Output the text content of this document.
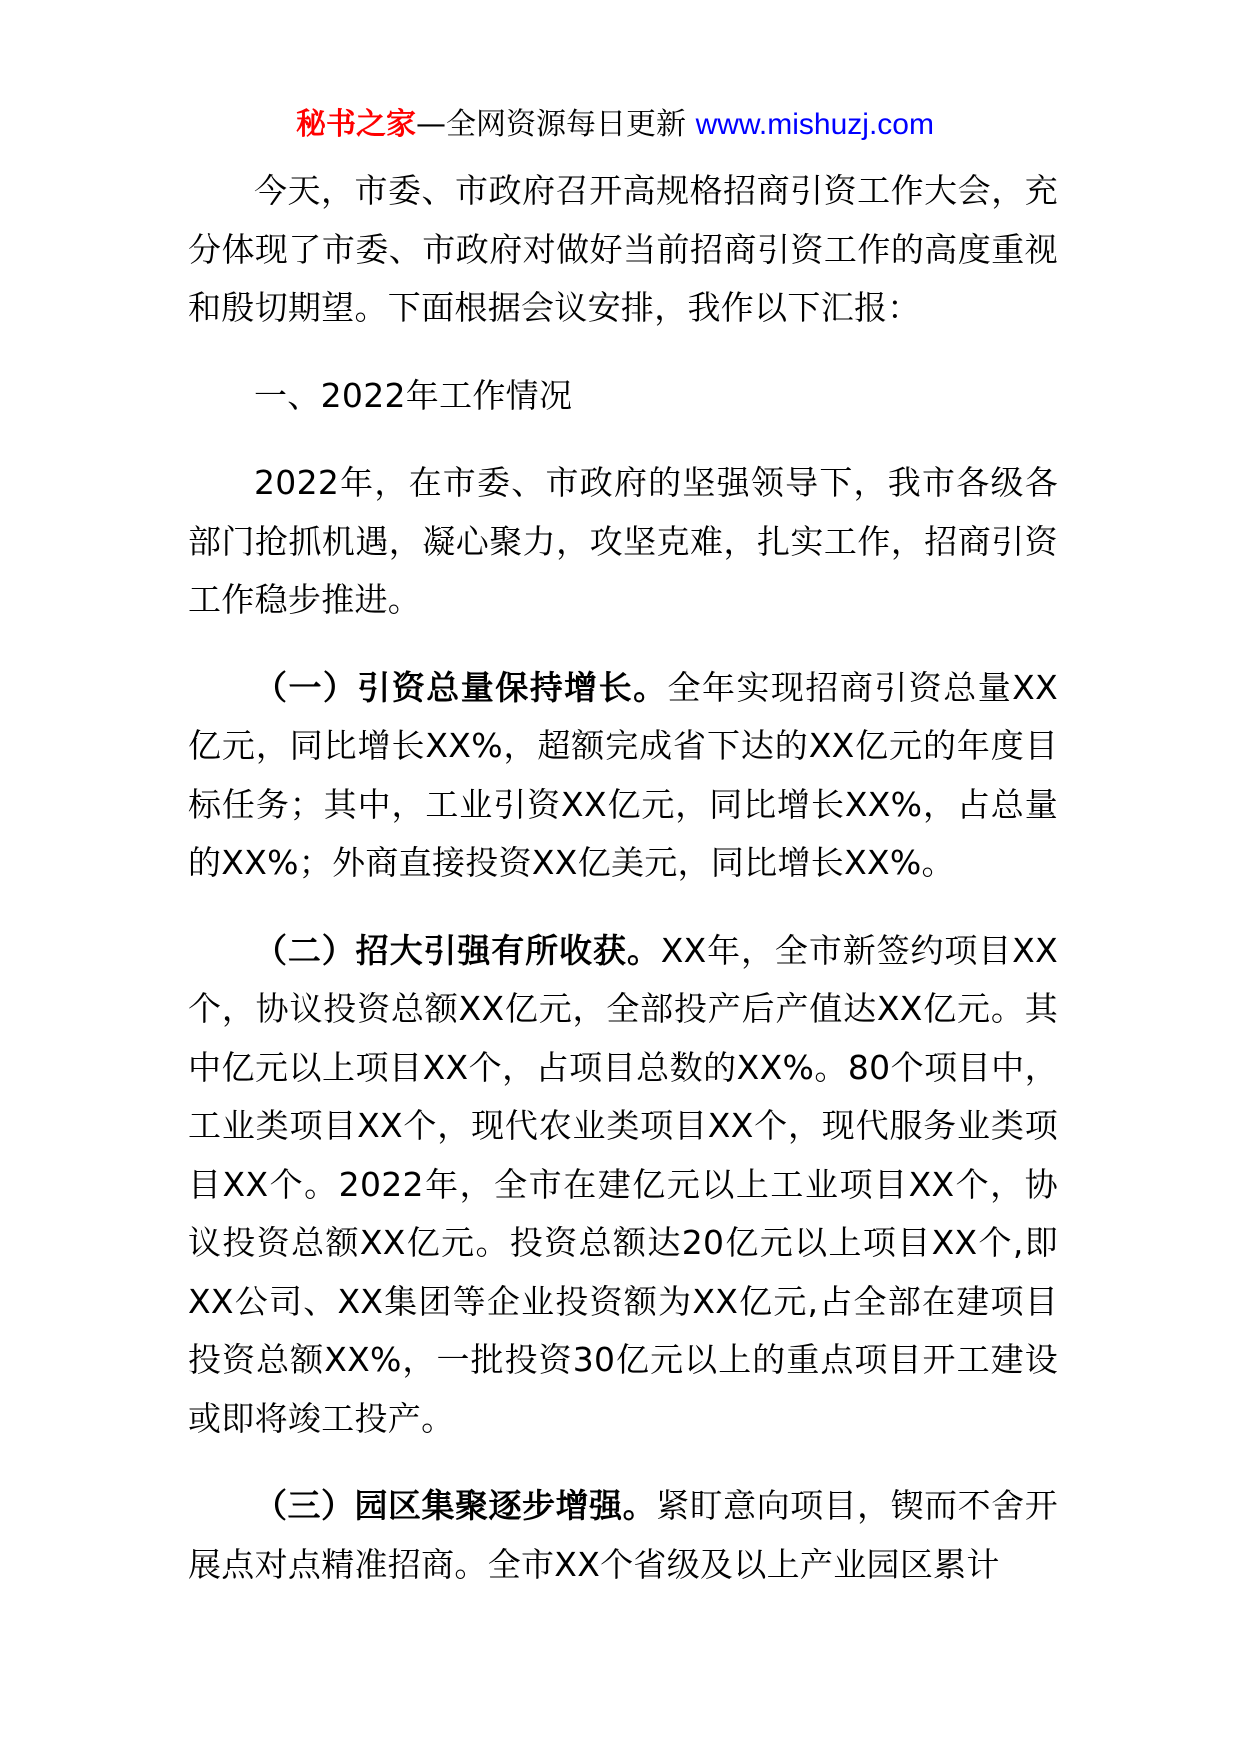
秘书之家—全网资源每日更新 www.mishuzj.com

今天，市委、市政府召开高规格招商引资工作大会，充分体现了市委、市政府对做好当前招商引资工作的高度重视和殷切期望。下面根据会议安排，我作以下汇报：

一、2022年工作情况

2022年，在市委、市政府的坚强领导下，我市各级各部门抢抓机遇，凝心聚力，攻坚克难，扎实工作，招商引资工作稳步推进。

（一）引资总量保持增长。全年实现招商引资总量XX亿元，同比增长XX%，超额完成省下达的XX亿元的年度目标任务；其中，工业引资XX亿元，同比增长XX%，占总量的XX%；外商直接投资XX亿美元，同比增长XX%。

（二）招大引强有所收获。XX年，全市新签约项目XX个，协议投资总额XX亿元，全部投产后产值达XX亿元。其中亿元以上项目XX个，占项目总数的XX%。80个项目中，工业类项目XX个，现代农业类项目XX个，现代服务业类项目XX个。2022年，全市在建亿元以上工业项目XX个，协议投资总额XX亿元。投资总额达20亿元以上项目XX个,即XX公司、XX集团等企业投资额为XX亿元,占全部在建项目投资总额XX%，一批投资30亿元以上的重点项目开工建设或即将竣工投产。

（三）园区集聚逐步增强。紧盯意向项目，锲而不舍开展点对点精准招商。全市XX个省级及以上产业园区累计
